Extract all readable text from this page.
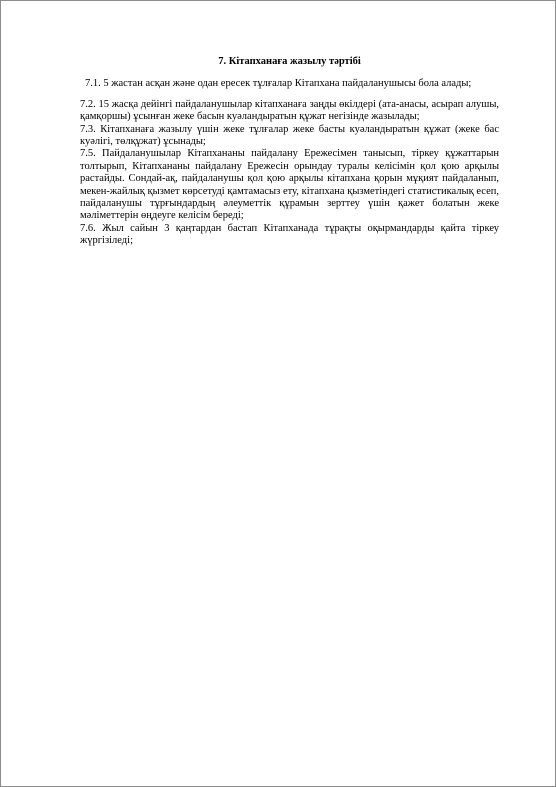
7. Кітапханаға жазылу тәртібі

7.1. 5 жастан асқан және одан ересек тұлғалар Кітапхана пайдаланушысы бола алады;

7.2. 15 жасқа дейінгі пайдаланушылар кітапханаға заңды өкілдері (ата-анасы, асырап алушы, қамқоршы) ұсынған жеке басын куәландыратын құжат негізінде жазылады;

7.3. Кітапханаға жазылу үшін жеке тұлғалар жеке басты куәландыратын құжат (жеке бас куәлігі, төлқұжат) ұсынады;

7.5. Пайдаланушылар Кітапхананы пайдалану Ережесімен танысып, тіркеу құжаттарын толтырып, Кітапхананы пайдалану Ережесін орындау туралы келісімін қол қою арқылы растайды. Сондай-ақ, пайдаланушы қол қою арқылы кітапхана қорын мұқият пайдаланып, мекен-жайлық қызмет көрсетуді қамтамасыз ету, кітапхана қызметіндегі статистикалық есеп, пайдаланушы тұрғындардың әлеуметтік құрамын зерттеу үшін қажет болатын жеке мәліметтерін өңдеуге келісім береді;

7.6. Жыл сайын 3 қаңтардан бастап Кітапханада тұрақты оқырмандарды қайта тіркеу жүргізіледі;
